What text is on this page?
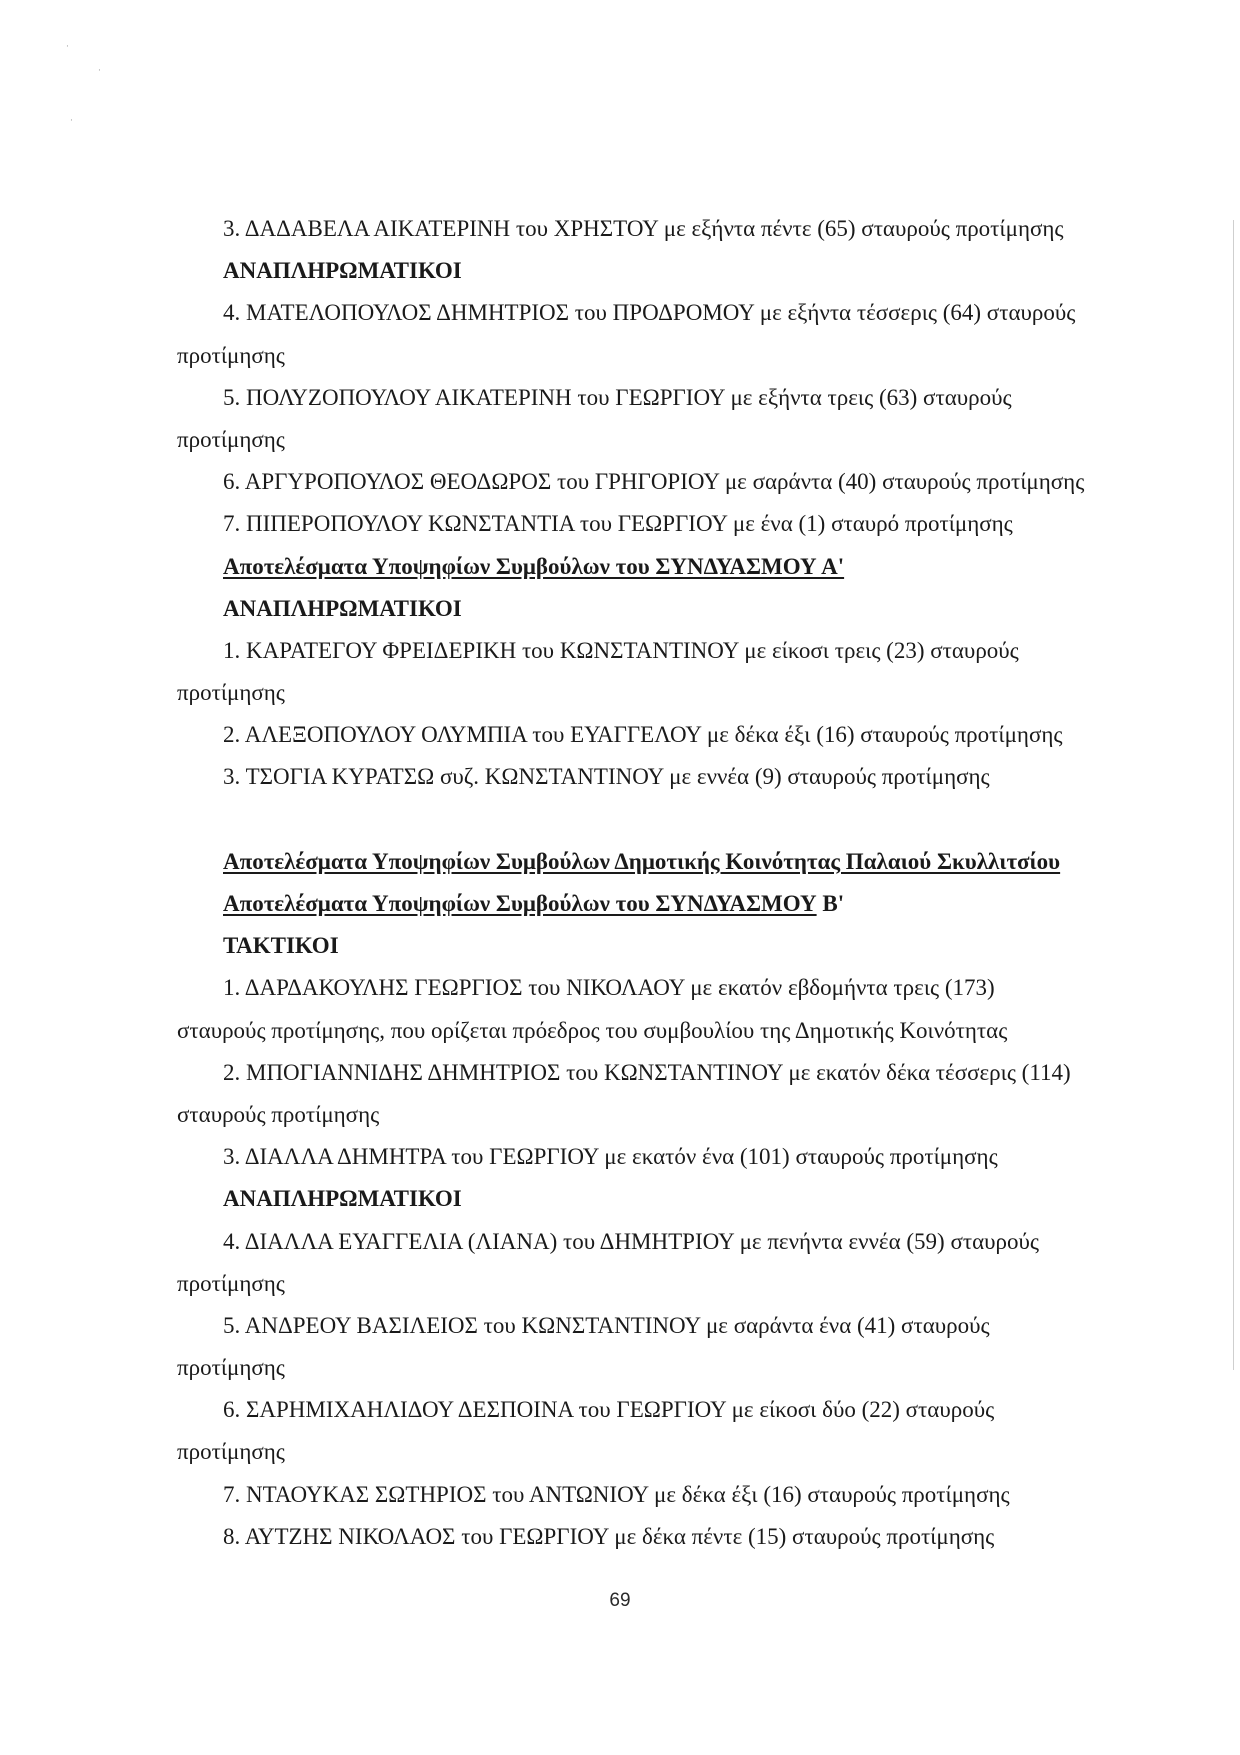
·
·
·
3. ΔΑΔΑΒΕΛΑ ΑΙΚΑΤΕΡΙΝΗ του ΧΡΗΣΤΟΥ με εξήντα πέντε (65) σταυρούς προτίμησης
ΑΝΑΠΛΗΡΩΜΑΤΙΚΟΙ
4. ΜΑΤΕΛΟΠΟΥΛΟΣ ΔΗΜΗΤΡΙΟΣ του ΠΡΟΔΡΟΜΟΥ με εξήντα τέσσερις (64) σταυρούς
προτίμησης
5. ΠΟΛΥΖΟΠΟΥΛΟΥ ΑΙΚΑΤΕΡΙΝΗ του ΓΕΩΡΓΙΟΥ με εξήντα τρεις (63) σταυρούς
προτίμησης
6. ΑΡΓΥΡΟΠΟΥΛΟΣ ΘΕΟΔΩΡΟΣ του ΓΡΗΓΟΡΙΟΥ με σαράντα (40) σταυρούς προτίμησης
7. ΠΙΠΕΡΟΠΟΥΛΟΥ ΚΩΝΣΤΑΝΤΙΑ του ΓΕΩΡΓΙΟΥ με ένα (1) σταυρό προτίμησης
Αποτελέσματα Υποψηφίων Συμβούλων του ΣΥΝΔΥΑΣΜΟΥ Α'
ΑΝΑΠΛΗΡΩΜΑΤΙΚΟΙ
1. ΚΑΡΑΤΕΓΟΥ ΦΡΕΙΔΕΡΙΚΗ του ΚΩΝΣΤΑΝΤΙΝΟΥ με είκοσι τρεις (23) σταυρούς
προτίμησης
2. ΑΛΕΞΟΠΟΥΛΟΥ ΟΛΥΜΠΙΑ του ΕΥΑΓΓΕΛΟΥ με δέκα έξι (16) σταυρούς προτίμησης
3. ΤΣΟΓΙΑ ΚΥΡΑΤΣΩ συζ. ΚΩΝΣΤΑΝΤΙΝΟΥ με εννέα (9) σταυρούς προτίμησης
Αποτελέσματα Υποψηφίων Συμβούλων Δημοτικής Κοινότητας Παλαιού Σκυλλιτσίου
Αποτελέσματα Υποψηφίων Συμβούλων του ΣΥΝΔΥΑΣΜΟΥ Β'
ΤΑΚΤΙΚΟΙ
1. ΔΑΡΔΑΚΟΥΛΗΣ ΓΕΩΡΓΙΟΣ του ΝΙΚΟΛΑΟΥ με εκατόν εβδομήντα τρεις (173)
σταυρούς προτίμησης, που ορίζεται πρόεδρος του συμβουλίου της Δημοτικής Κοινότητας
2. ΜΠΟΓΙΑΝΝΙΔΗΣ ΔΗΜΗΤΡΙΟΣ του ΚΩΝΣΤΑΝΤΙΝΟΥ με εκατόν δέκα τέσσερις (114)
σταυρούς προτίμησης
3. ΔΙΑΛΛΑ ΔΗΜΗΤΡΑ του ΓΕΩΡΓΙΟΥ με εκατόν ένα (101) σταυρούς προτίμησης
ΑΝΑΠΛΗΡΩΜΑΤΙΚΟΙ
4. ΔΙΑΛΛΑ ΕΥΑΓΓΕΛΙΑ (ΛΙΑΝΑ) του ΔΗΜΗΤΡΙΟΥ με πενήντα εννέα (59) σταυρούς
προτίμησης
5. ΑΝΔΡΕΟΥ ΒΑΣΙΛΕΙΟΣ του ΚΩΝΣΤΑΝΤΙΝΟΥ με σαράντα ένα (41) σταυρούς
προτίμησης
6. ΣΑΡΗΜΙΧΑΗΛΙΔΟΥ ΔΕΣΠΟΙΝΑ του ΓΕΩΡΓΙΟΥ με είκοσι δύο (22) σταυρούς
προτίμησης
7. ΝΤΑΟΥΚΑΣ ΣΩΤΗΡΙΟΣ του ΑΝΤΩΝΙΟΥ με δέκα έξι (16) σταυρούς προτίμησης
8. ΑΥΤΖΗΣ ΝΙΚΟΛΑΟΣ του ΓΕΩΡΓΙΟΥ με δέκα πέντε (15) σταυρούς προτίμησης
69
